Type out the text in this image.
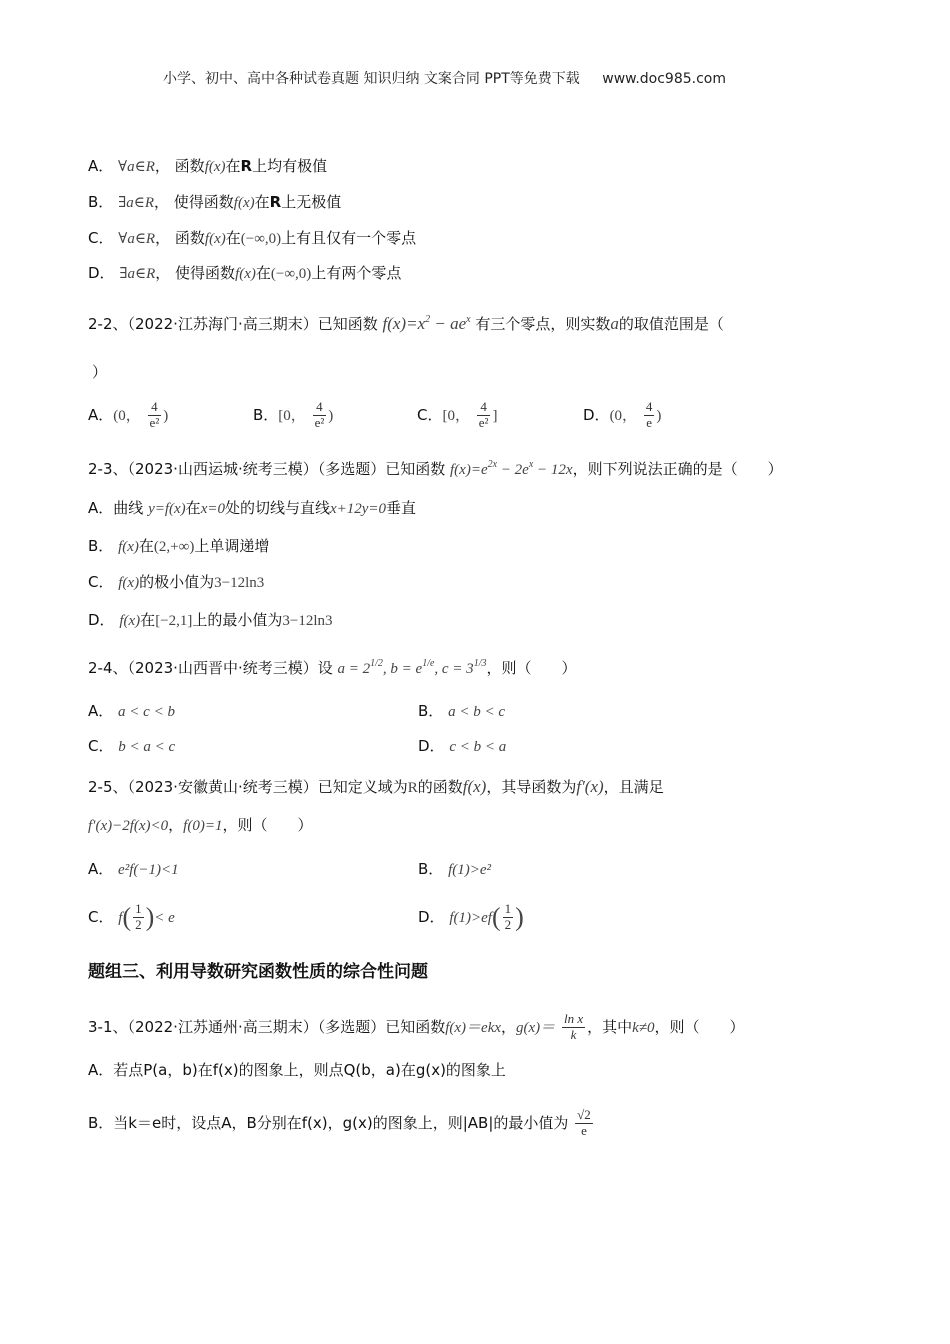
小学、初中、高中各种试卷真题 知识归纳 文案合同 PPT等免费下载 www.doc985.com
A． ∀a∈R， 函数f(x)在R上均有极值
B． ∃a∈R， 使得函数f(x)在R上无极值
C． ∀a∈R， 函数f(x)在(−∞,0)上有且仅有一个零点
D． ∃a∈R， 使得函数f(x)在(−∞,0)上有两个零点
2-2、（2022·江苏海门·高三期末）已知函数 $f(x)=x^2 - ae^x$ 有三个零点，则实数a的取值范围是（
）
A．(0， $\frac{4}{\text{e²}}$ )	B．[0， $\frac{4}{\text{e²}}$ )	C．[0， $\frac{4}{\text{e²}}$ ]	D．(0， $\frac{4}{e}$ )
2-3、（2023·山西运城·统考三模）（多选题）已知函数 $f(x)=e^{2x} - 2e^x - 12x$，则下列说法正确的是（　　）
A．曲线 y=f(x)在x=0处的切线与直线x+12y=0垂直
B． f(x)在(2,+∞)上单调递增
C． f(x)的极小值为3−12ln3
D． f(x)在[−2,1]上的最小值为3−12ln3
2-4、（2023·山西晋中·统考三模）设 $a = 2^{1/2}$, $b = e^{1/e}$, $c = 3^{1/3}$，则（　　）
A． a < c < b	B． a < b < c
C． b < a < c	D． c < b < a
2-5、（2023·安徽黄山·统考三模）已知定义域为R的函数f(x)，其导函数为f′(x)，且满足
f′(x)−2f(x)<0，f(0)=1，则（　　）
A． e²f(−1)<1	B． f(1)>e²
C． $f( \frac{1}{2}$ )< e	D． $f(1)>ef( \frac{1}{2}$ )
题组三、利用导数研究函数性质的综合性问题
3-1、（2022·江苏通州·高三期末）（多选题）已知函数f(x)＝ekx，$g(x)= \frac{\text{ln x}}{k}$ ，其中k≠0，则（　　）
A．若点P(a，b)在f(x)的图象上，则点Q(b，a)在g(x)的图象上
B．当k＝e时，设点A，B分别在f(x)，g(x)的图象上，则|AB|的最小值为 $\frac{√2}{e}$
